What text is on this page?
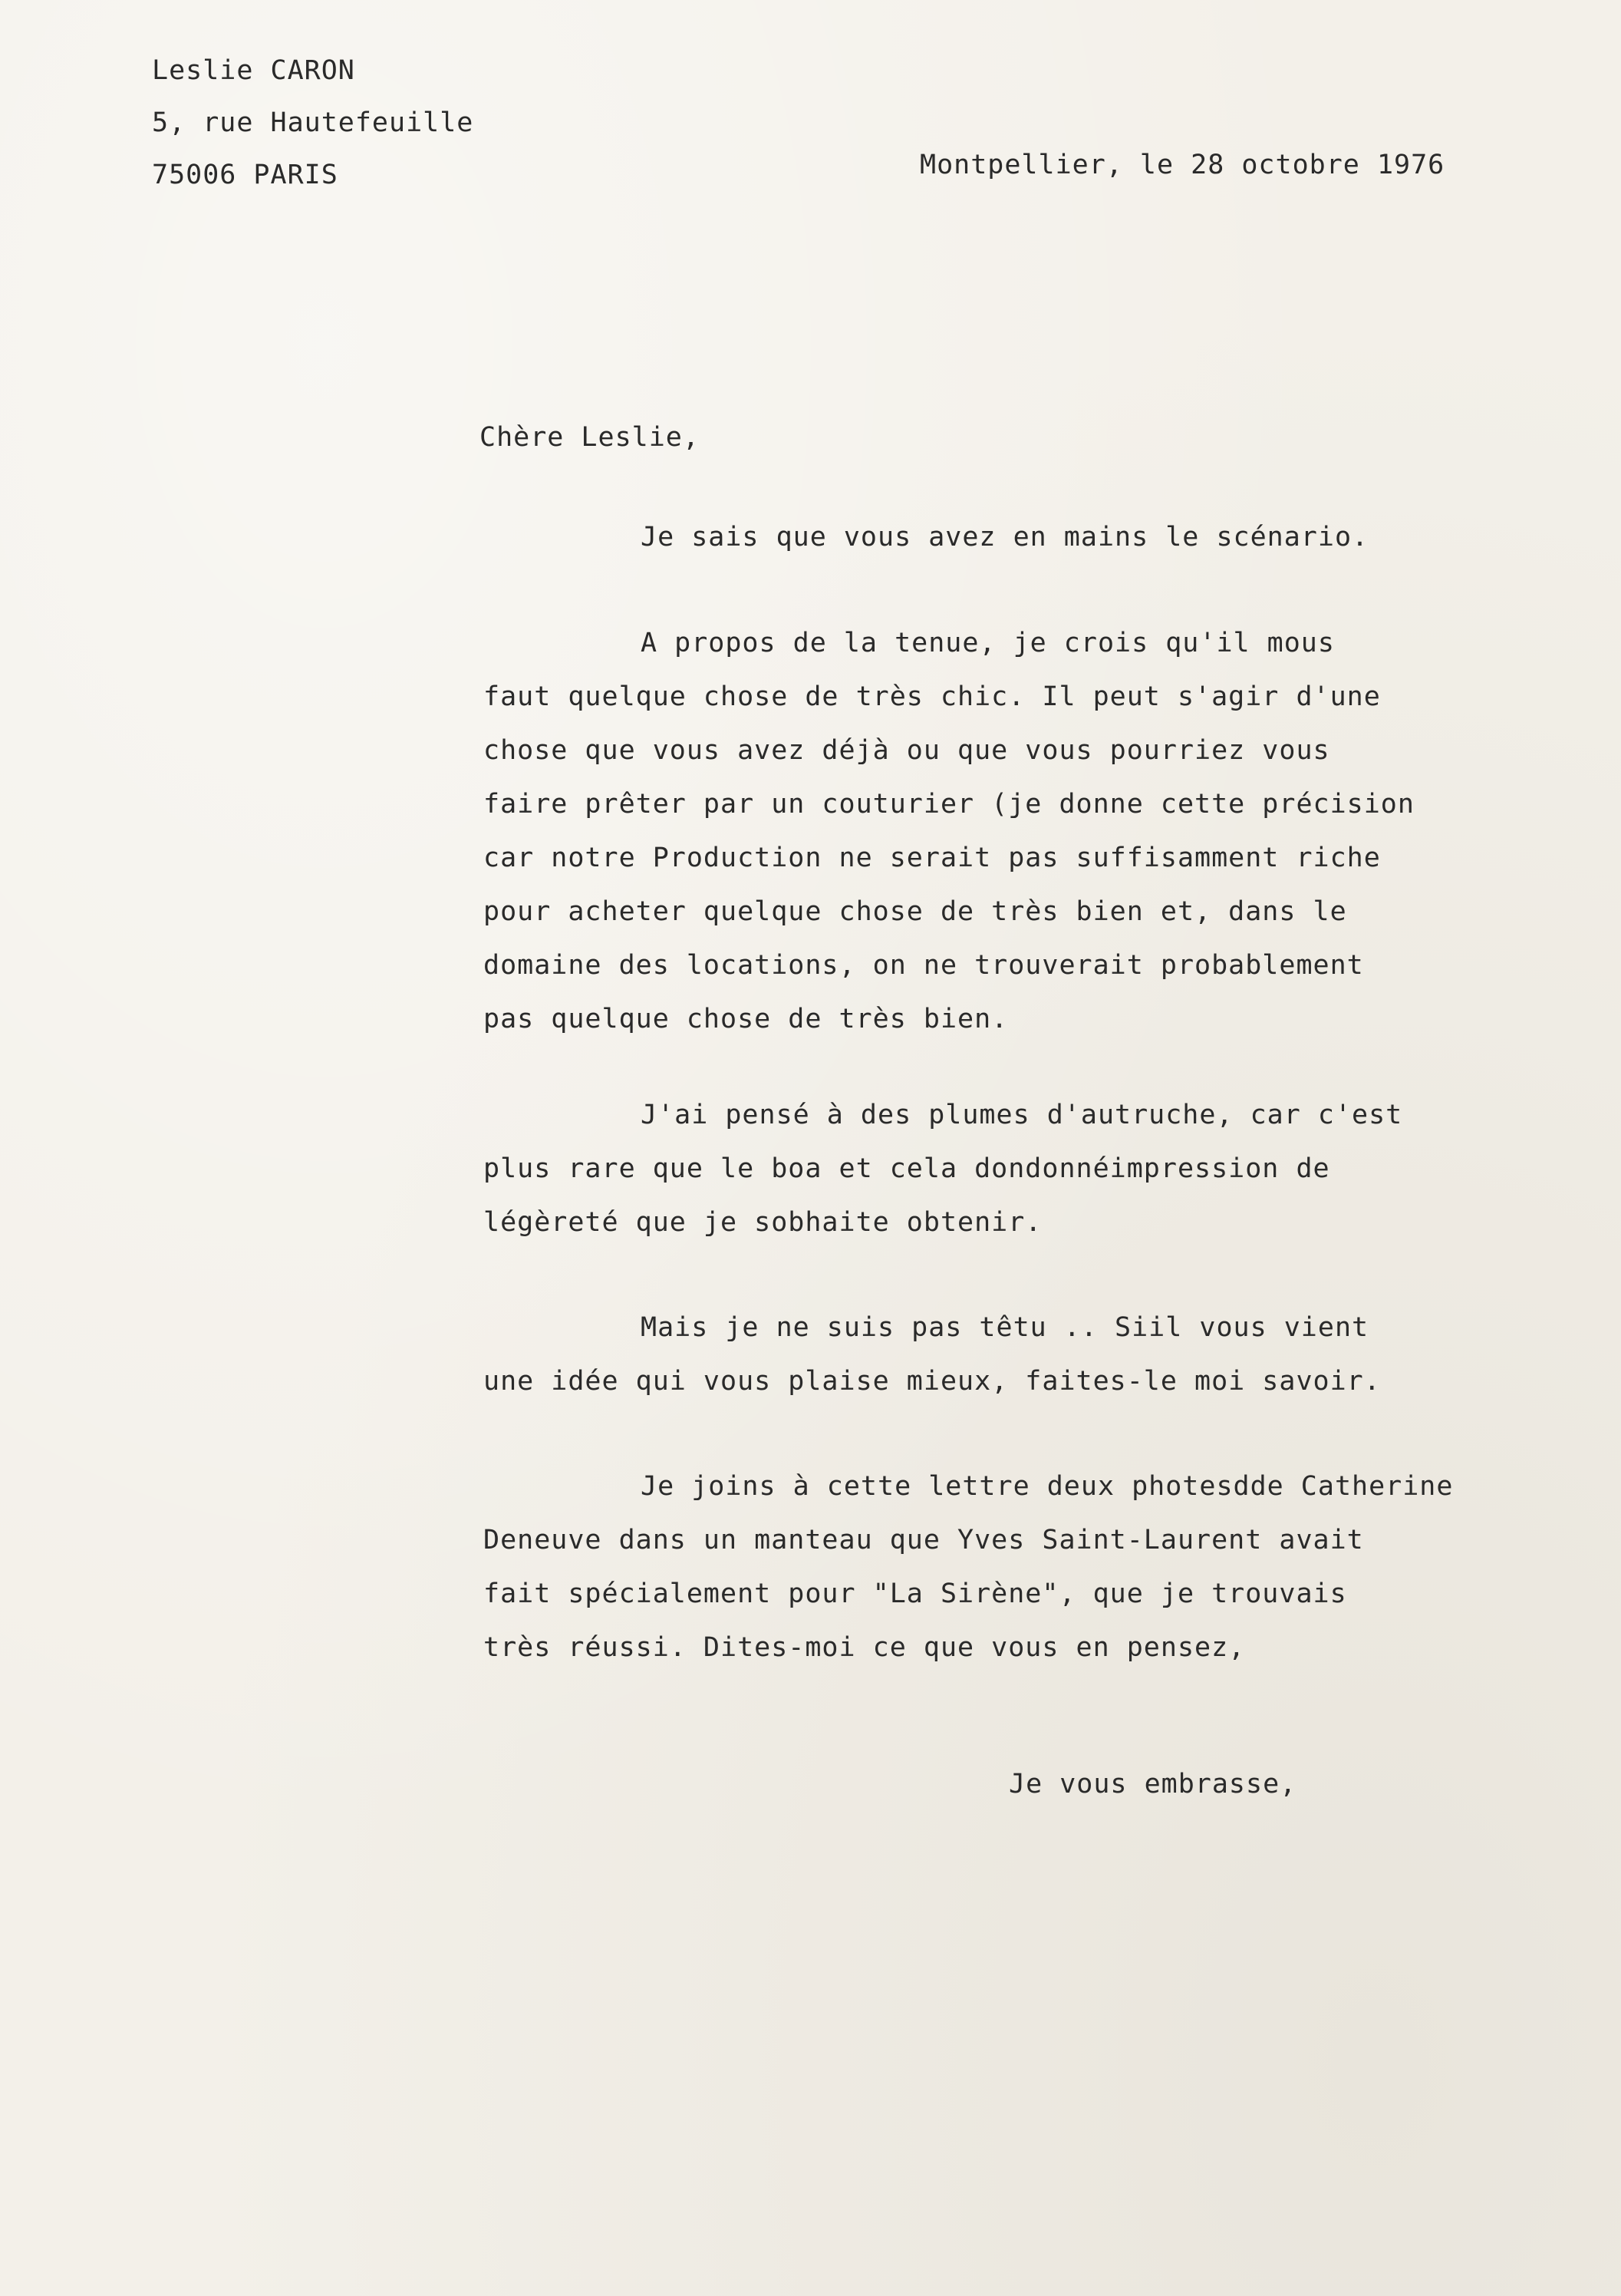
Leslie CARON
5, rue Hautefeuille
75006 PARIS	Montpellier, le 28 octobre 1976
Chère Leslie,
Je sais que vous avez en mains le scénario.
A propos de la tenue, je crois qu'il mous
faut quelque chose de très chic. Il peut s'agir d'une
chose que vous avez déjà ou que vous pourriez vous
faire prêter par un couturier (je donne cette précision
car notre Production ne serait pas suffisamment riche
pour acheter quelque chose de très bien et, dans le
domaine des locations, on ne trouverait probablement
pas quelque chose de très bien.
J'ai pensé à des plumes d'autruche, car c'est
plus rare que le boa et cela dondonnéimpression de
légèreté que je sobhaite obtenir.
Mais je ne suis pas têtu .. Siil vous vient
une idée qui vous plaise mieux, faites-le moi savoir.
Je joins à cette lettre deux photesdde Catherine
Deneuve dans un manteau que Yves Saint-Laurent avait
fait spécialement pour "La Sirène", que je trouvais
très réussi. Dites-moi ce que vous en pensez,
Je vous embrasse,
